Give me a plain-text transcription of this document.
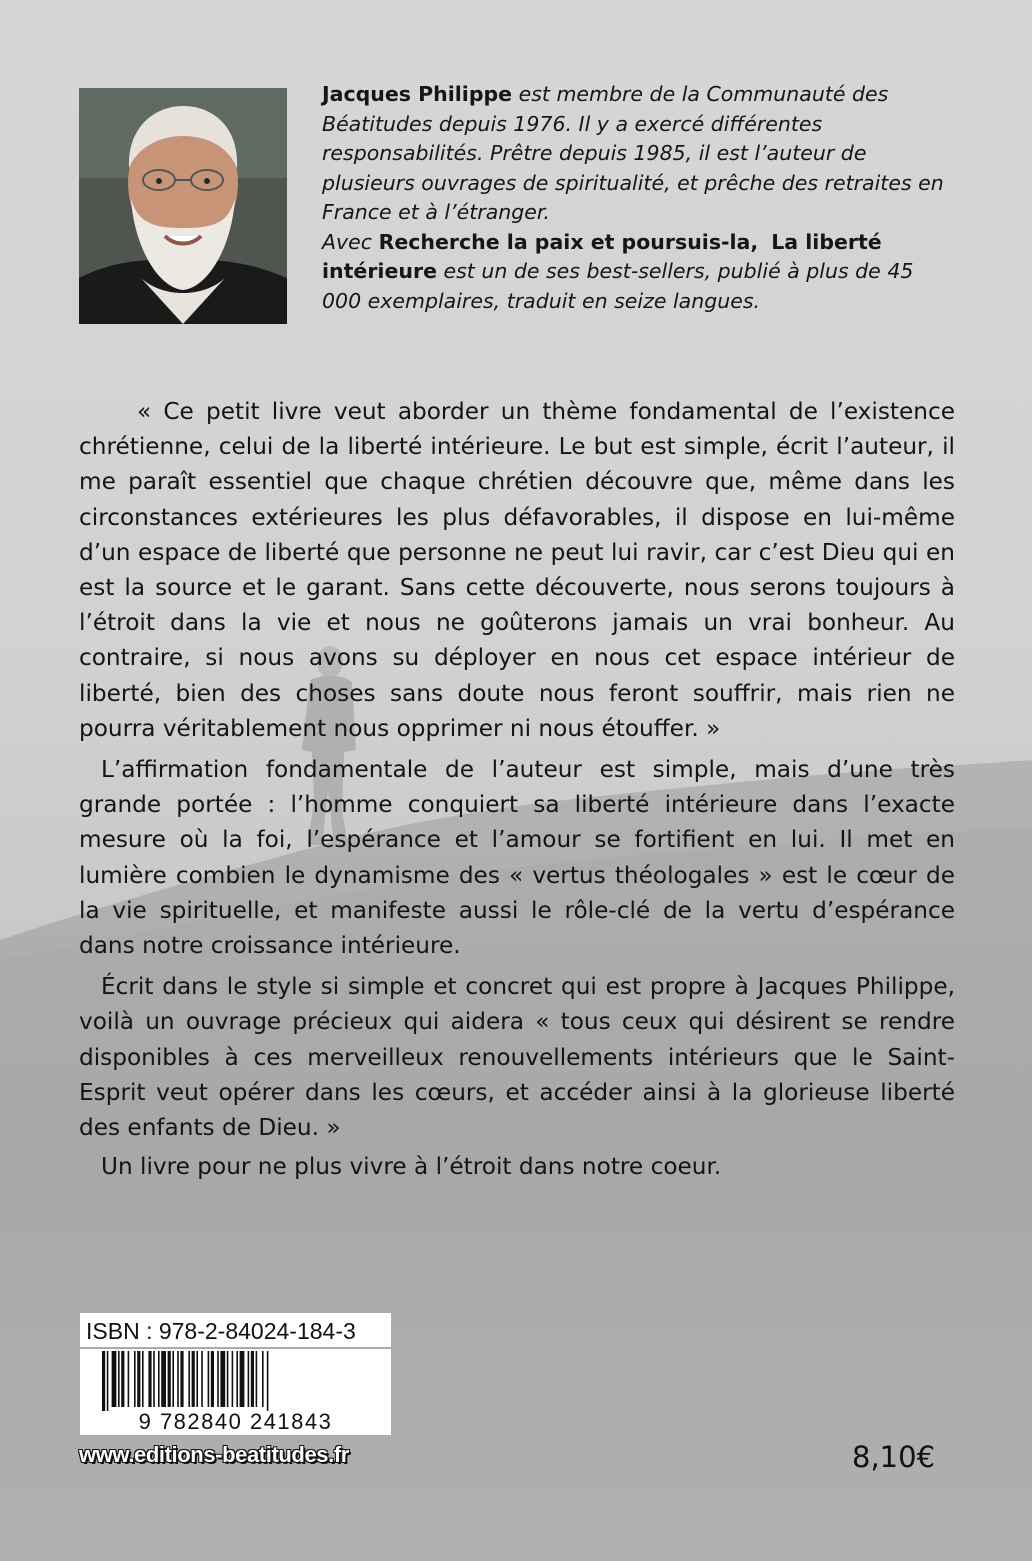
Jacques Philippe est membre de la Communauté des Béatitudes depuis 1976. Il y a exercé différentes responsabilités. Prêtre depuis 1985, il est l’auteur de plusieurs ouvrages de spiritualité, et prêche des retraites en France et à l’étranger.
Avec Recherche la paix et poursuis-la, La liberté intérieure est un de ses best-sellers, publié à plus de 45 000 exemplaires, traduit en seize langues.

« Ce petit livre veut aborder un thème fondamental de l’existence chrétienne, celui de la liberté intérieure. Le but est simple, écrit l’auteur, il me paraît essentiel que chaque chrétien découvre que, même dans les circonstances extérieures les plus défavorables, il dispose en lui-même d’un espace de liberté que personne ne peut lui ravir, car c’est Dieu qui en est la source et le garant. Sans cette découverte, nous serons toujours à l’étroit dans la vie et nous ne goûterons jamais un vrai bonheur. Au contraire, si nous avons su déployer en nous cet espace intérieur de liberté, bien des choses sans doute nous feront souffrir, mais rien ne pourra véritablement nous opprimer ni nous étouffer. »

L’affirmation fondamentale de l’auteur est simple, mais d’une très grande portée : l’homme conquiert sa liberté intérieure dans l’exacte mesure où la foi, l’espérance et l’amour se fortifient en lui. Il met en lumière combien le dynamisme des « vertus théologales » est le cœur de la vie spirituelle, et manifeste aussi le rôle-clé de la vertu d’espérance dans notre croissance intérieure.

Écrit dans le style si simple et concret qui est propre à Jacques Philippe, voilà un ouvrage précieux qui aidera « tous ceux qui désirent se rendre disponibles à ces merveilleux renouvellements intérieurs que le Saint-Esprit veut opérer dans les cœurs, et accéder ainsi à la glorieuse liberté des enfants de Dieu. »

Un livre pour ne plus vivre à l’étroit dans notre coeur.

ISBN : 978-2-84024-184-3
9 782840 241843
www.editions-beatitudes.fr	8,10€
